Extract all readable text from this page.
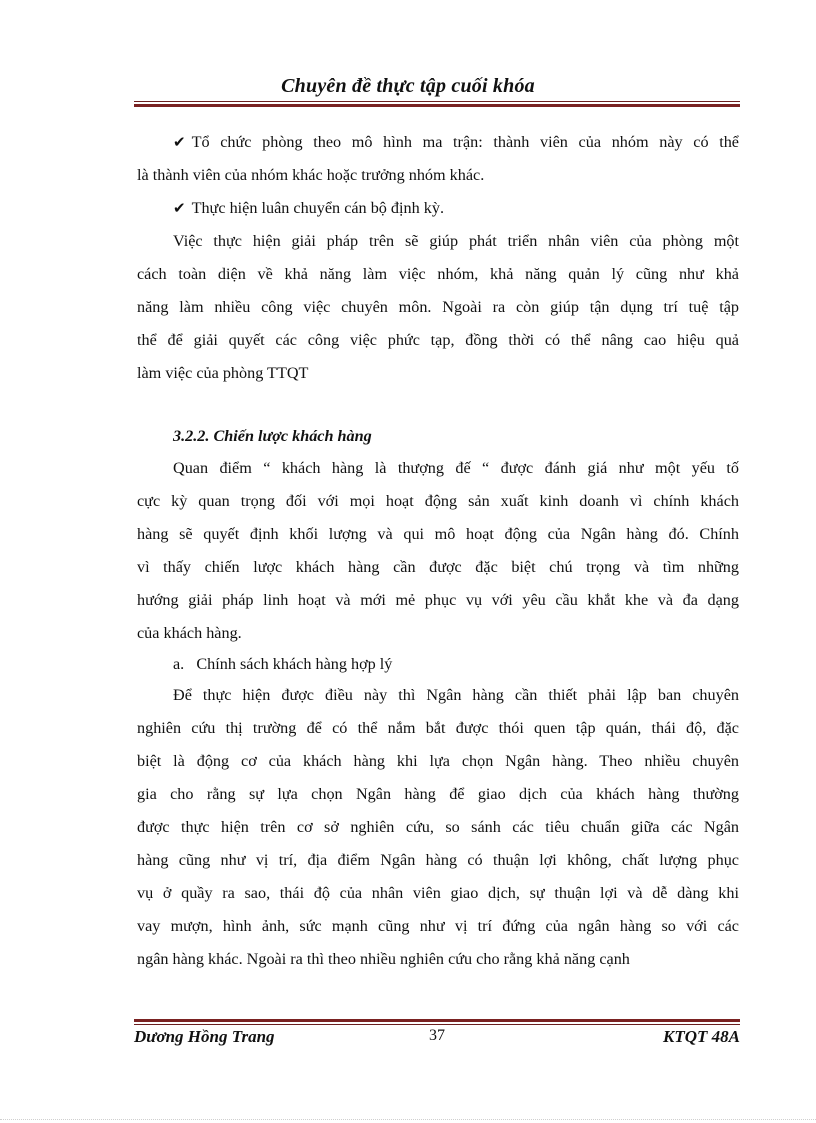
Chuyên đề thực tập cuối khóa
✔ Tổ chức phòng theo mô hình ma trận: thành viên của nhóm này có thể
là thành viên của nhóm khác hoặc trưởng nhóm khác.
✔ Thực hiện luân chuyển cán bộ định kỳ.
Việc thực hiện giải pháp trên sẽ giúp phát triển nhân viên của phòng một
cách toàn diện về khả năng làm việc nhóm, khả năng quản lý cũng như khả
năng làm nhiều công việc chuyên môn. Ngoài ra còn giúp tận dụng trí tuệ tập
thể để giải quyết các công việc phức tạp, đồng thời có thể nâng cao hiệu quả
làm việc của phòng TTQT
3.2.2. Chiến lược khách hàng
Quan điểm “ khách hàng là thượng đế “ được đánh giá như một yếu tố
cực kỳ quan trọng đối với mọi hoạt động sản xuất kinh doanh vì chính khách
hàng sẽ quyết định khối lượng và qui mô hoạt động của Ngân hàng đó. Chính
vì thấy chiến lược khách hàng cần được đặc biệt chú trọng và tìm những
hướng giải pháp linh hoạt và mới mẻ phục vụ với yêu cầu khắt khe và đa dạng
của khách hàng.
a.   Chính sách khách hàng hợp lý
Để thực hiện được điều này thì Ngân hàng cần thiết phải lập ban chuyên
nghiên cứu thị trường để có thể nắm bắt được thói quen tập quán, thái độ, đặc
biệt là động cơ của khách hàng khi lựa chọn Ngân hàng. Theo nhiều chuyên
gia cho rằng sự lựa chọn Ngân hàng để giao dịch của khách hàng thường
được thực hiện trên cơ sở nghiên cứu, so sánh các tiêu chuẩn giữa các Ngân
hàng cũng như vị trí, địa điểm Ngân hàng có thuận lợi không, chất lượng phục
vụ ở quầy ra sao, thái độ của nhân viên giao dịch, sự thuận lợi và dễ dàng khi
vay mượn, hình ảnh, sức mạnh cũng như vị trí đứng của ngân hàng so với các
ngân hàng khác. Ngoài ra thì theo nhiều nghiên cứu cho rằng khả năng cạnh
Dương Hồng Trang	37	KTQT 48A
